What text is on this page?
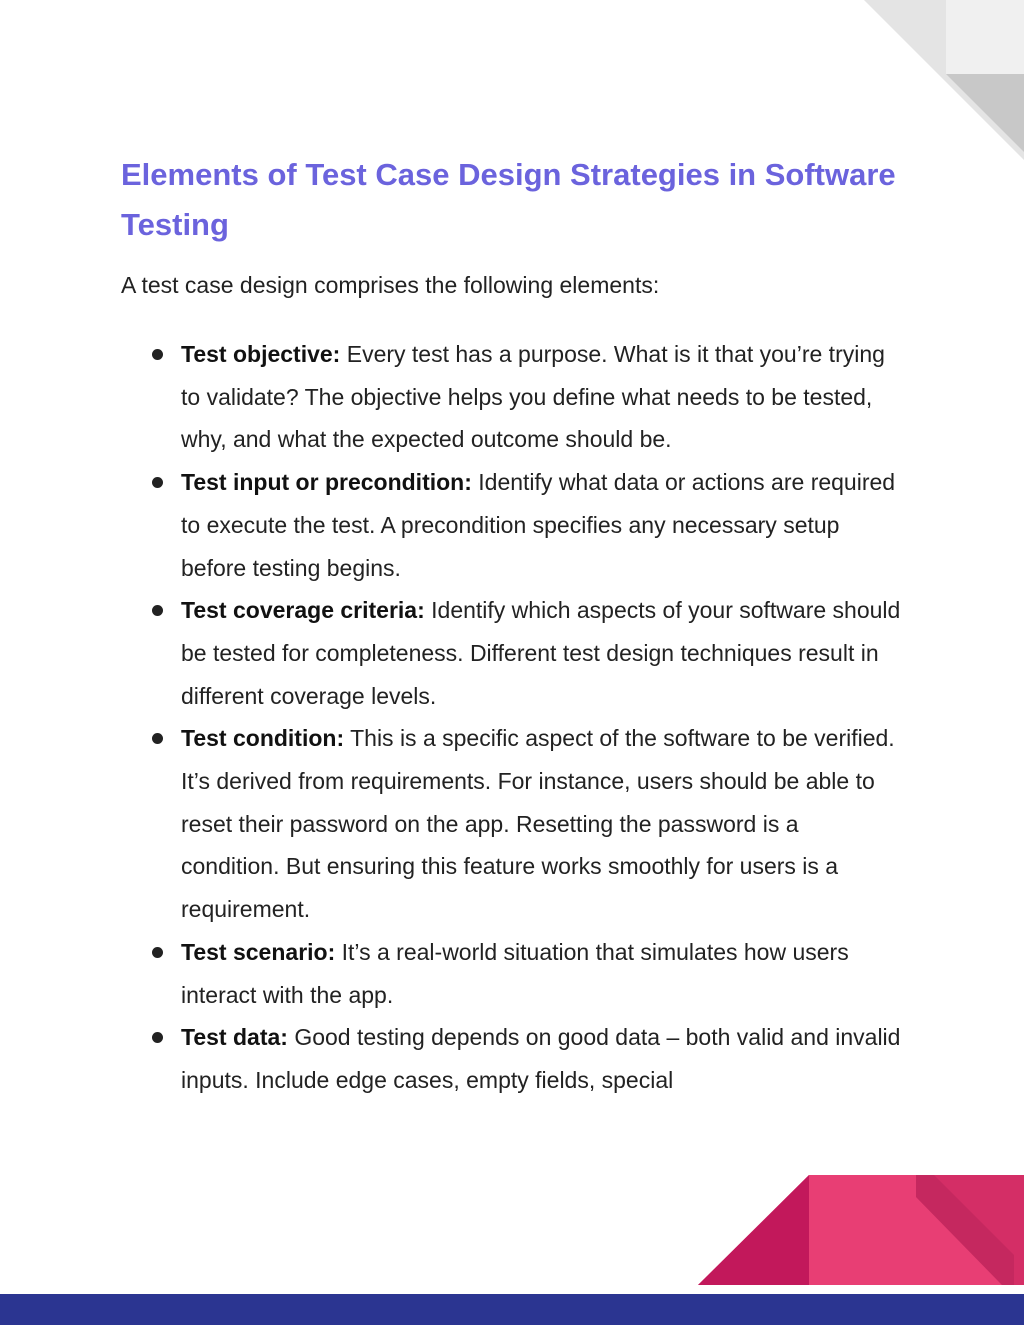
Elements of Test Case Design Strategies in Software Testing

A test case design comprises the following elements:

Test objective: Every test has a purpose. What is it that you’re trying to validate? The objective helps you define what needs to be tested, why, and what the expected outcome should be.
Test input or precondition: Identify what data or actions are required to execute the test. A precondition specifies any necessary setup before testing begins.
Test coverage criteria: Identify which aspects of your software should be tested for completeness. Different test design techniques result in different coverage levels.
Test condition: This is a specific aspect of the software to be verified. It’s derived from requirements. For instance, users should be able to reset their password on the app. Resetting the password is a condition. But ensuring this feature works smoothly for users is a requirement.
Test scenario: It’s a real-world situation that simulates how users interact with the app.
Test data: Good testing depends on good data – both valid and invalid inputs. Include edge cases, empty fields, special
